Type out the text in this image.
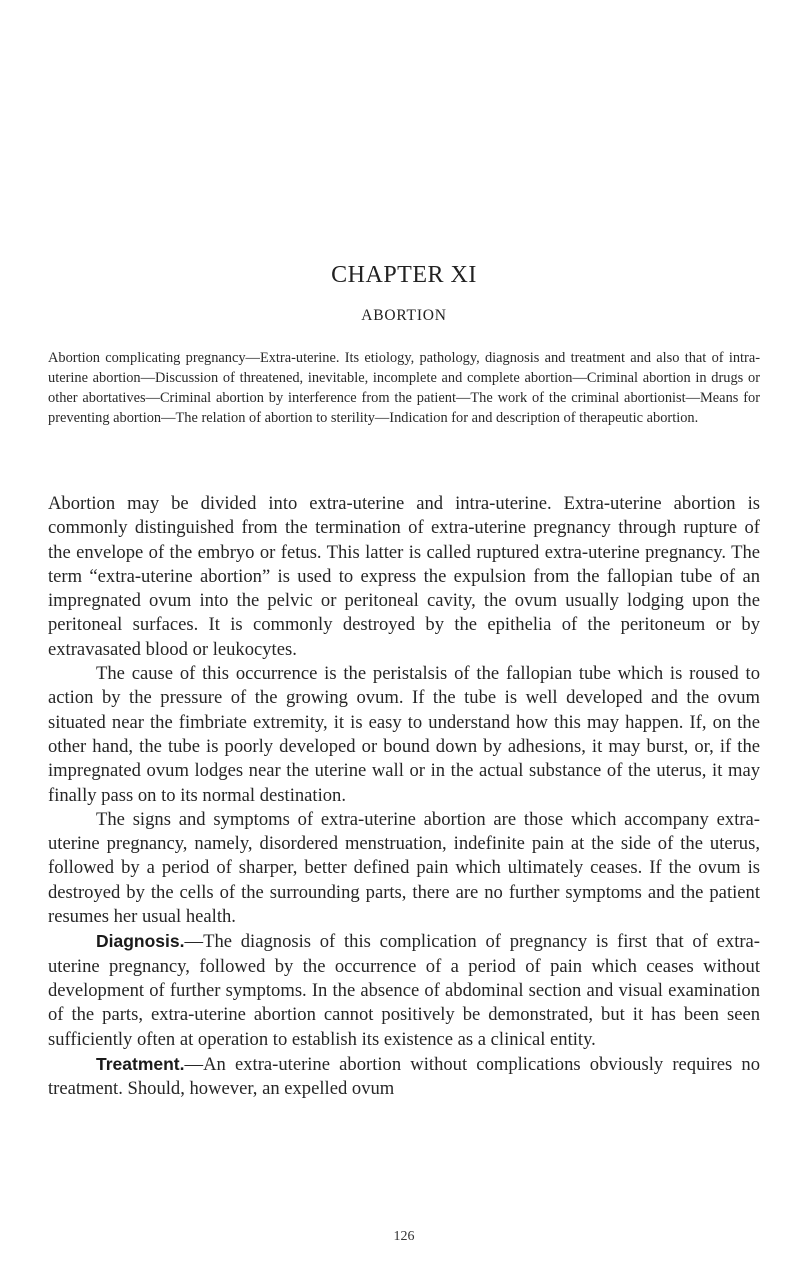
CHAPTER XI
ABORTION
Abortion complicating pregnancy—Extra-uterine. Its etiology, pathology, diagnosis and treatment and also that of intra-uterine abortion—Discussion of threatened, inevitable, incomplete and complete abortion—Criminal abortion in drugs or other abortatives—Criminal abortion by interference from the patient—The work of the criminal abortionist—Means for preventing abortion—The relation of abortion to sterility—Indication for and description of therapeutic abortion.

Abortion may be divided into extra-uterine and intra-uterine. Extra-uterine abortion is commonly distinguished from the termination of extra-uterine pregnancy through rupture of the envelope of the embryo or fetus. This latter is called ruptured extra-uterine pregnancy. The term “extra-uterine abortion” is used to express the expulsion from the fallopian tube of an impregnated ovum into the pelvic or peritoneal cavity, the ovum usually lodging upon the peritoneal surfaces. It is commonly destroyed by the epithelia of the peritoneum or by extravasated blood or leukocytes.

The cause of this occurrence is the peristalsis of the fallopian tube which is roused to action by the pressure of the growing ovum. If the tube is well developed and the ovum situated near the fimbriate extremity, it is easy to understand how this may happen. If, on the other hand, the tube is poorly developed or bound down by adhesions, it may burst, or, if the impregnated ovum lodges near the uterine wall or in the actual substance of the uterus, it may finally pass on to its normal destination.

The signs and symptoms of extra-uterine abortion are those which accompany extra-uterine pregnancy, namely, disordered menstruation, indefinite pain at the side of the uterus, followed by a period of sharper, better defined pain which ultimately ceases. If the ovum is destroyed by the cells of the surrounding parts, there are no further symptoms and the patient resumes her usual health.

Diagnosis.—The diagnosis of this complication of pregnancy is first that of extra-uterine pregnancy, followed by the occurrence of a period of pain which ceases without development of further symptoms. In the absence of abdominal section and visual examination of the parts, extra-uterine abortion cannot positively be demonstrated, but it has been seen sufficiently often at operation to establish its existence as a clinical entity.

Treatment.—An extra-uterine abortion without complications obviously requires no treatment. Should, however, an expelled ovum

126
